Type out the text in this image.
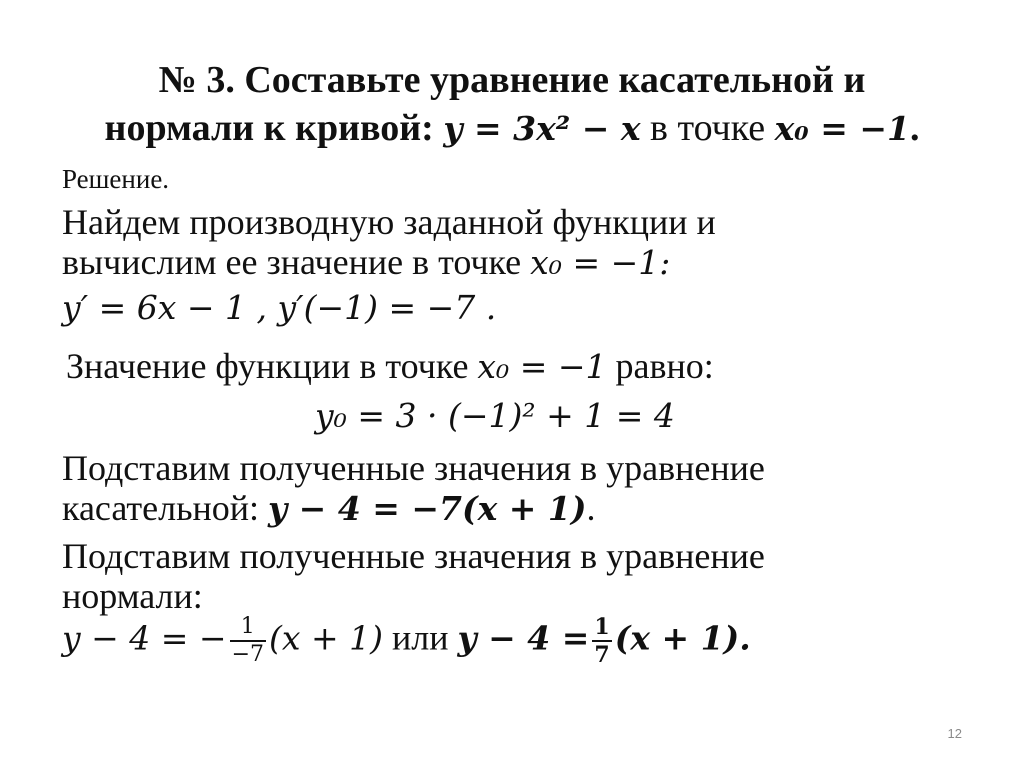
№ 3. Составьте уравнение касательной и
нормали к кривой: y = 3x² − x в точке x₀ = −1.
Решение.
Найдем производную заданной функции и
вычислим ее значение в точке x₀ = −1:
y′ = 6x − 1 , y′(−1) = −7 .
Значение функции в точке x₀ = −1 равно:
y₀ = 3 · (−1)² + 1 = 4
Подставим полученные значения в уравнение
касательной: y − 4 = −7(x + 1).
Подставим полученные значения в уравнение
нормали:
y − 4 = − $\frac{1}{-7} (x + 1)$ или $y - 4 = \frac{1}{7} (x + 1)$.
12
